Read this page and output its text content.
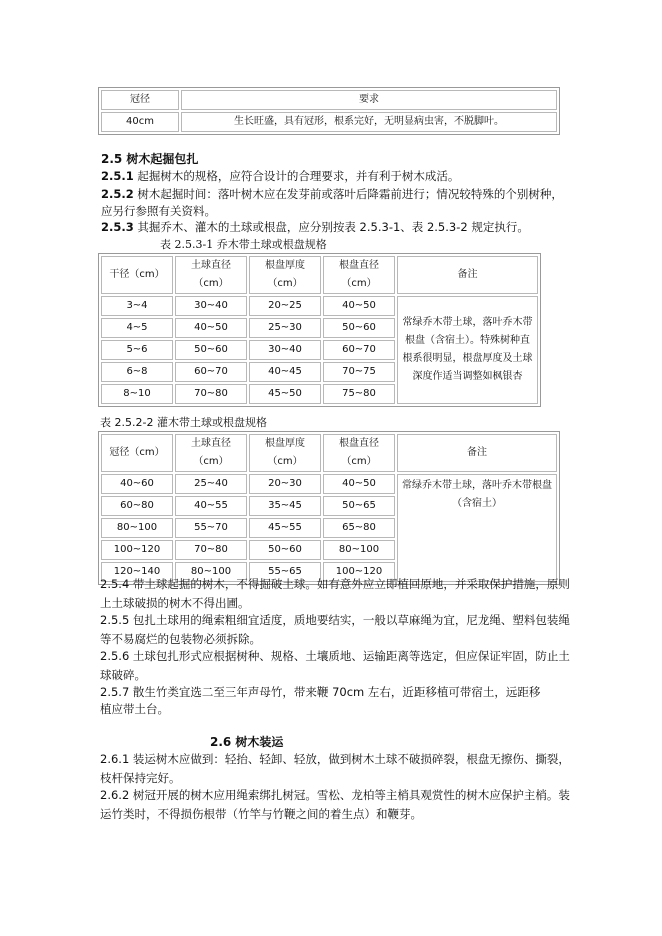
冠径	要求
40cm	生长旺盛，具有冠形，根系完好，无明显病虫害，不脱脚叶。

2.5 树木起掘包扎

2.5.1 起掘树木的规格，应符合设计的合理要求，并有利于树木成活。

2.5.2 树木起掘时间：落叶树木应在发芽前或落叶后降霜前进行；情况较特殊的个别树种，

应另行参照有关资料。

2.5.3 其掘乔木、灌木的土球或根盘，应分别按表 2.5.3-1、表 2.5.3-2 规定执行。

表 2.5.3-1 乔木带土球或根盘规格

干径（cm）	土球直径（cm）	根盘厚度（cm）	根盘直径（cm）	备注
3~4	30~40	20~25	40~50	常绿乔木带土球，落叶乔木带根盘（含宿土）。特殊树种直根系很明显，根盘厚度及土球深度作适当调整如枫银杏
4~5	40~50	25~30	50~60	
5~6	50~60	30~40	60~70	
6~8	60~70	40~45	70~75	
8~10	70~80	45~50	75~80	

表 2.5.2-2 灌木带土球或根盘规格

冠径（cm）	土球直径（cm）	根盘厚度（cm）	根盘直径（cm）	备注
40~60	25~40	20~30	40~50	常绿乔木带土球，落叶乔木带根盘（含宿土）
60~80	40~55	35~45	50~65	
80~100	55~70	45~55	65~80	
100~120	70~80	50~60	80~100	
120~140	80~100	55~65	100~120	

2.5.4 带土球起掘的树木，不得掘破土球。如有意外应立即植回原地，并采取保护措施，原则上土球破损的树木不得出圃。

2.5.5 包扎土球用的绳索粗细宜适度，质地要结实，一般以草麻绳为宜，尼龙绳、塑料包装绳等不易腐烂的包装物必须拆除。

2.5.6 土球包扎形式应根据树种、规格、土壤质地、运输距离等选定，但应保证牢固，防止土球破碎。

2.5.7 散生竹类宜选二至三年声母竹，带来鞭 70cm 左右，近距移植可带宿土，远距移

植应带土台。

2.6 树木装运

2.6.1 装运树木应做到：轻抬、轻卸、轻放，做到树木土球不破损碎裂，根盘无擦伤、撕裂，枝杆保持完好。

2.6.2 树冠开展的树木应用绳索绑扎树冠。雪松、龙柏等主梢具观赏性的树木应保护主梢。装运竹类时，不得损伤根带（竹竿与竹鞭之间的着生点）和鞭芽。
